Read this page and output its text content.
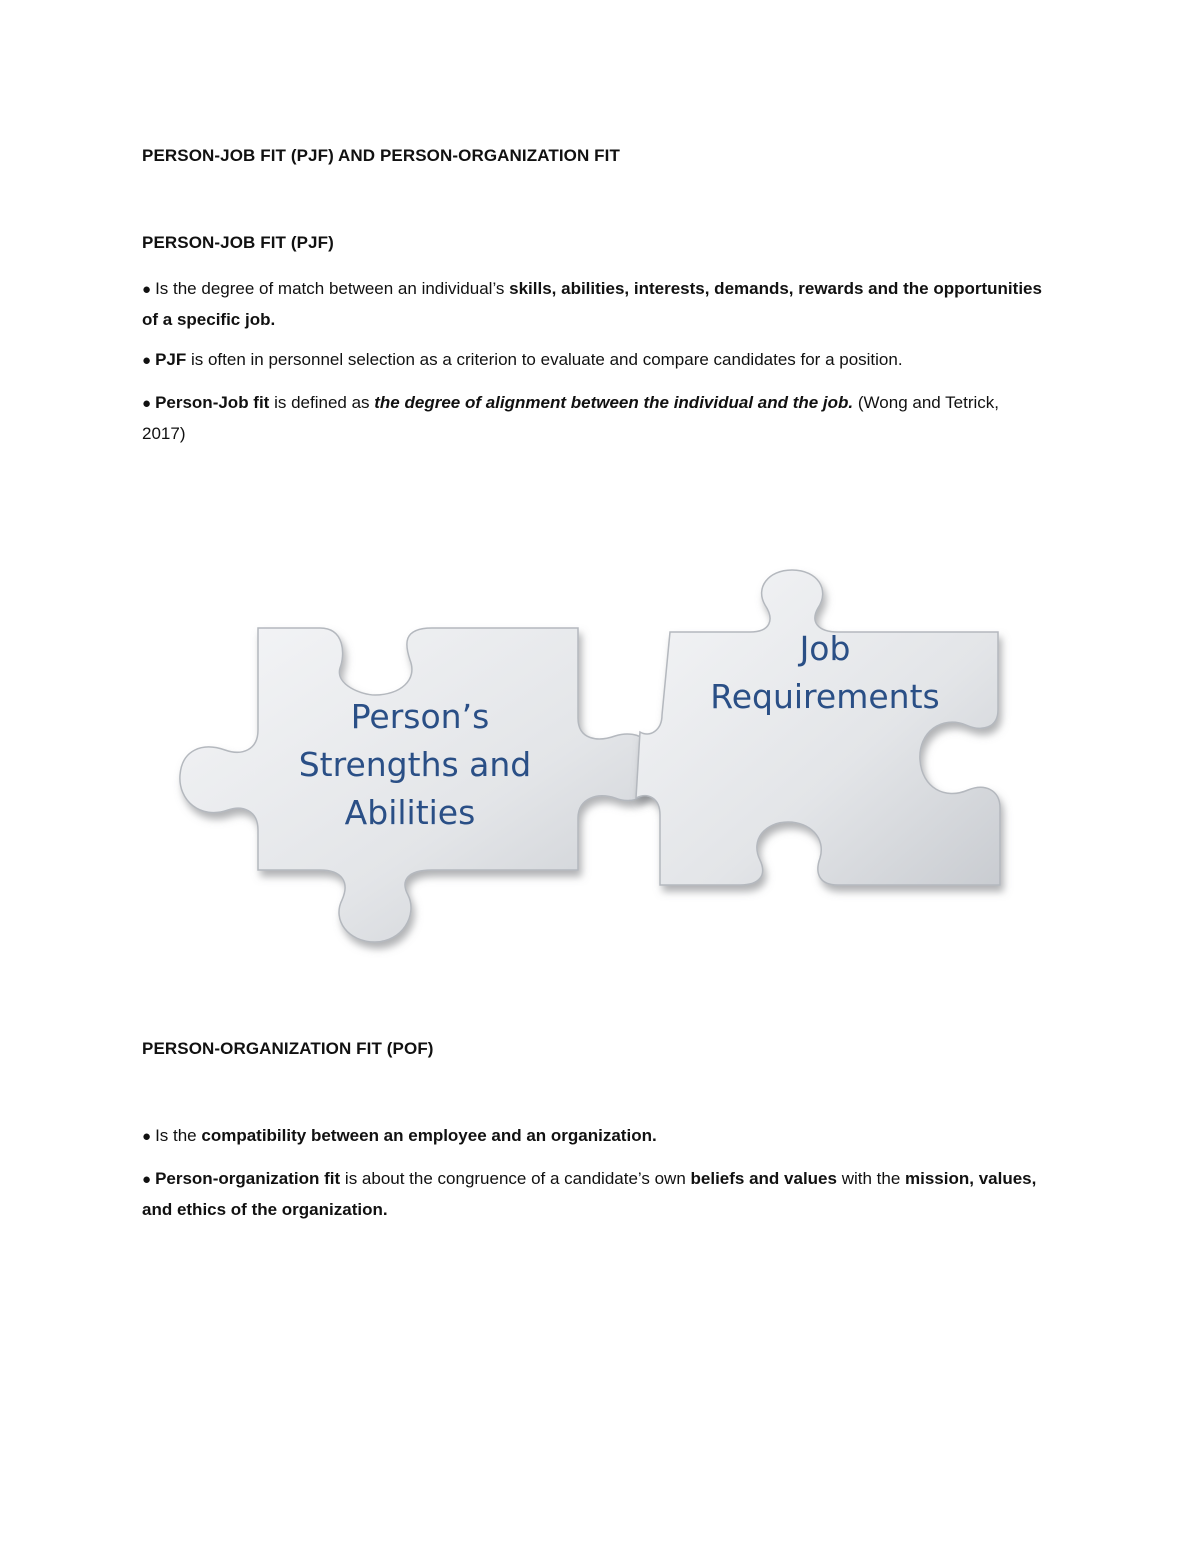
PERSON-JOB FIT (PJF) AND PERSON-ORGANIZATION FIT
PERSON-JOB FIT (PJF)
● Is the degree of match between an individual’s skills, abilities, interests, demands, rewards and the opportunities of a specific job.
● PJF is often in personnel selection as a criterion to evaluate and compare candidates for a position.
● Person-Job fit is defined as the degree of alignment between the individual and the job. (Wong and Tetrick, 2017)
Person’s
Strengths and
Abilities
Job
Requirements
PERSON-ORGANIZATION FIT (POF)
● Is the compatibility between an employee and an organization.
● Person-organization fit is about the congruence of a candidate’s own beliefs and values with the mission, values, and ethics of the organization.
